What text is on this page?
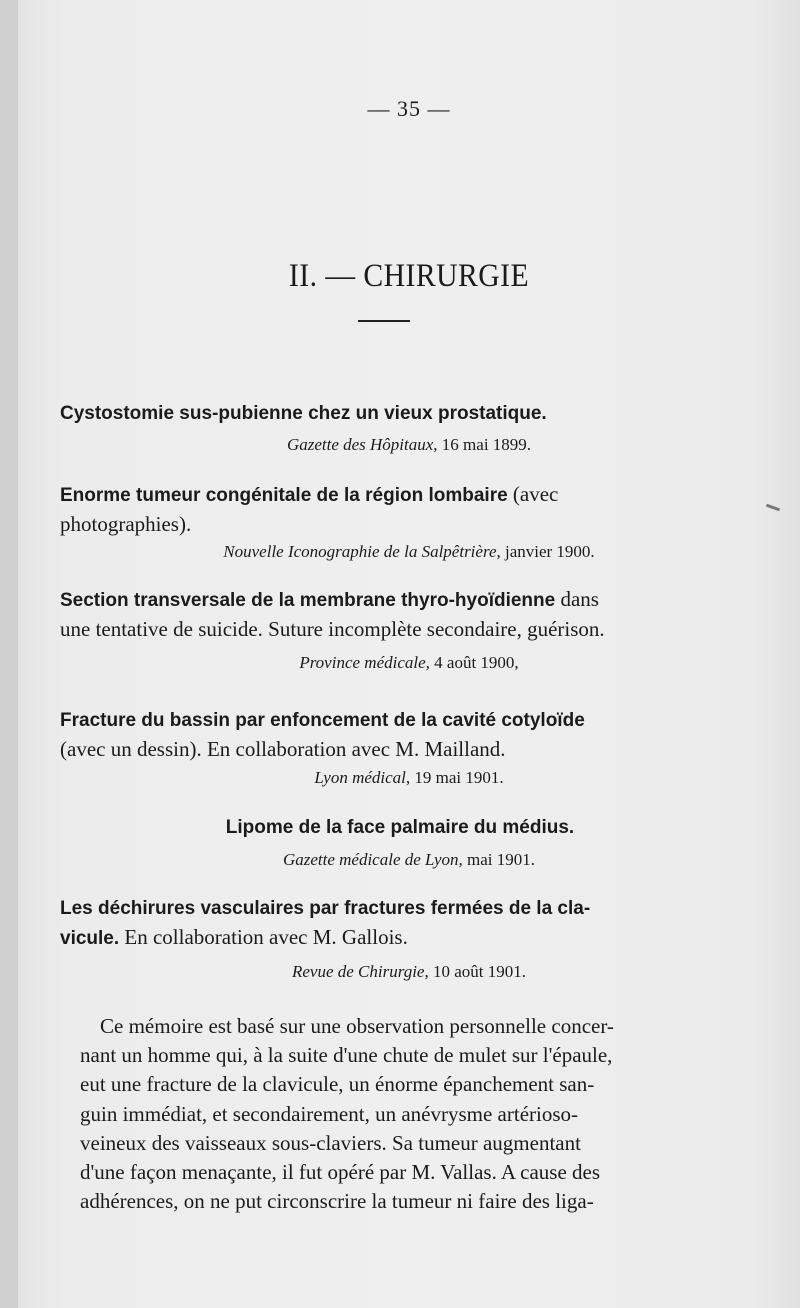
— 35 —
II. — CHIRURGIE
Cystostomie sus-pubienne chez un vieux prostatique.
Gazette des Hôpitaux, 16 mai 1899.
Enorme tumeur congénitale de la région lombaire (avec
photographies).
Nouvelle Iconographie de la Salpêtrière, janvier 1900.
Section transversale de la membrane thyro-hyoïdienne dans
une tentative de suicide. Suture incomplète secondaire, guérison.
Province médicale, 4 août 1900,
Fracture du bassin par enfoncement de la cavité cotyloïde
(avec un dessin). En collaboration avec M. Mailland.
Lyon médical, 19 mai 1901.
Lipome de la face palmaire du médius.
Gazette médicale de Lyon, mai 1901.
Les déchirures vasculaires par fractures fermées de la cla-
vicule. En collaboration avec M. Gallois.
Revue de Chirurgie, 10 août 1901.
Ce mémoire est basé sur une observation personnelle concer-
nant un homme qui, à la suite d'une chute de mulet sur l'épaule,
eut une fracture de la clavicule, un énorme épanchement san-
guin immédiat, et secondairement, un anévrysme artérioso-
veineux des vaisseaux sous-claviers. Sa tumeur augmentant
d'une façon menaçante, il fut opéré par M. Vallas. A cause des
adhérences, on ne put circonscrire la tumeur ni faire des liga-
